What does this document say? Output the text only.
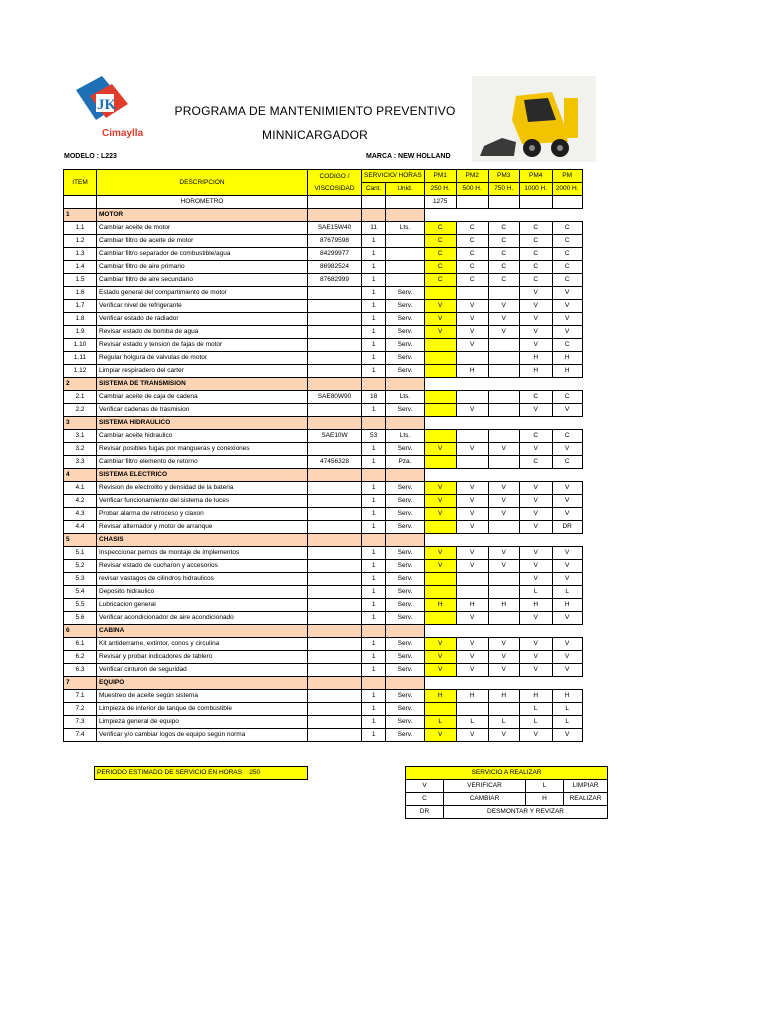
JK
Cimaylla
PROGRAMA DE MANTENIMIENTO PREVENTIVO
MINNICARGADOR
MODELO : L223	MARCA : NEW HOLLAND
ITEM	DESCRIPCION	CODIGO / VISCOSIDAD	SERVICIO/ HORAS		PM1	PM2	PM3	PM4	PM
			Cant.	Unid.	250 H.	500 H.	750 H.	1000 H.	2000 H.
	HOROMETRO				1275				
1	MOTOR								
1.1	Cambiar aceite de motor	SAE15W40	11	Lts.	C	C	C	C	C
1.2	Cambiar filtro de aceite de motor	87679598	1		C	C	C	C	C
1.3	Cambiar filtro separador de combustible/agua	84299977	1		C	C	C	C	C
1.4	Cambiar filtro de aire primario	86982524	1		C	C	C	C	C
1.5	Cambiar filtro de aire secundario	87682999	1		C	C	C	C	C
1.6	Estado general del compartimiento de motor		1	Serv.				V	V
1.7	Verificar nivel de refrigerante		1	Serv.	V	V	V	V	V
1.8	Verificar estado de radiador		1	Serv.	V	V	V	V	V
1.9	Revisar estado de bomba de agua		1	Serv.	V	V	V	V	V
1.10	Revisar estado y tension de fajas de motor		1	Serv.		V		V	C
1.11	Regular holgura de valvulas de motor		1	Serv.				H	H
1.12	Limpiar respiradero del carter		1	Serv.		H		H	H
2	SISTEMA DE TRANSMISION								
2.1	Cambiar aceite de caja de cadena	SAE80W90	18	Lts.				C	C
2.2	Verificar cadenas de trasmision		1	Serv.		V		V	V
3	SISTEMA HIDRAULICO								
3.1	Cambiar aceite hidraulico	SAE10W	53	Lts.				C	C
3.2	Revisar posibles fugas por mangueras y conexiones		1	Serv.	V	V	V	V	V
3.3	Cambiar filtro elemento de retorno	47456328	1	Pza.				C	C
4	SISTEMA ELECTRICO								
4.1	Revision de electrolito y densidad de la bateria		1	Serv.	V	V	V	V	V
4.2	Verificar funcionamiento del sistema de luces		1	Serv.	V	V	V	V	V
4.3	Probar alarma de retroceso y claxon		1	Serv.	V	V	V	V	V
4.4	Revisar alternador y motor de arranque		1	Serv.		V		V	DR
5	CHASIS								
5.1	Inspeccionar pernos de montaje de implementos		1	Serv.	V	V	V	V	V
5.2	Revisar estado de cucharon y accesorios		1	Serv.	V	V	V	V	V
5.3	revisar vastagos de cilindros hidraulicos		1	Serv.				V	V
5.4	Deposito hidraulico		1	Serv.				L	L
5.5	Lubricacion general		1	Serv.	H	H	H	H	H
5.6	Verificar acondicionador de aire acondicionado		1	Serv.		V		V	V
6	CABINA								
6.1	Kit antiderrame, extintor, conos y circulina		1	Serv.	V	V	V	V	V
6.2	Revisar y probar indicadores de tablero		1	Serv.	V	V	V	V	V
6.3	Verificar cinturon de seguridad		1	Serv.	V	V	V	V	V
7	EQUIPO								
7.1	Muestreo de aceite según sistema		1	Serv.	H	H	H	H	H
7.2	Limpieza de interior de tanque de combustible		1	Serv.				L	L
7.3	Limpieza general de equipo		1	Serv.	L	L	L	L	L
7.4	Verificar y/o cambiar logos de equipo según norma		1	Serv.	V	V	V	V	V
PERIODO ESTIMADO DE SERVICIO EN HORAS 250	SERVICIO A REALIZAR			
V	VERIFICAR	L	LIMPIAR
C	CAMBIAR	H	REALIZAR
DR	DESMONTAR Y REVIZAR		
